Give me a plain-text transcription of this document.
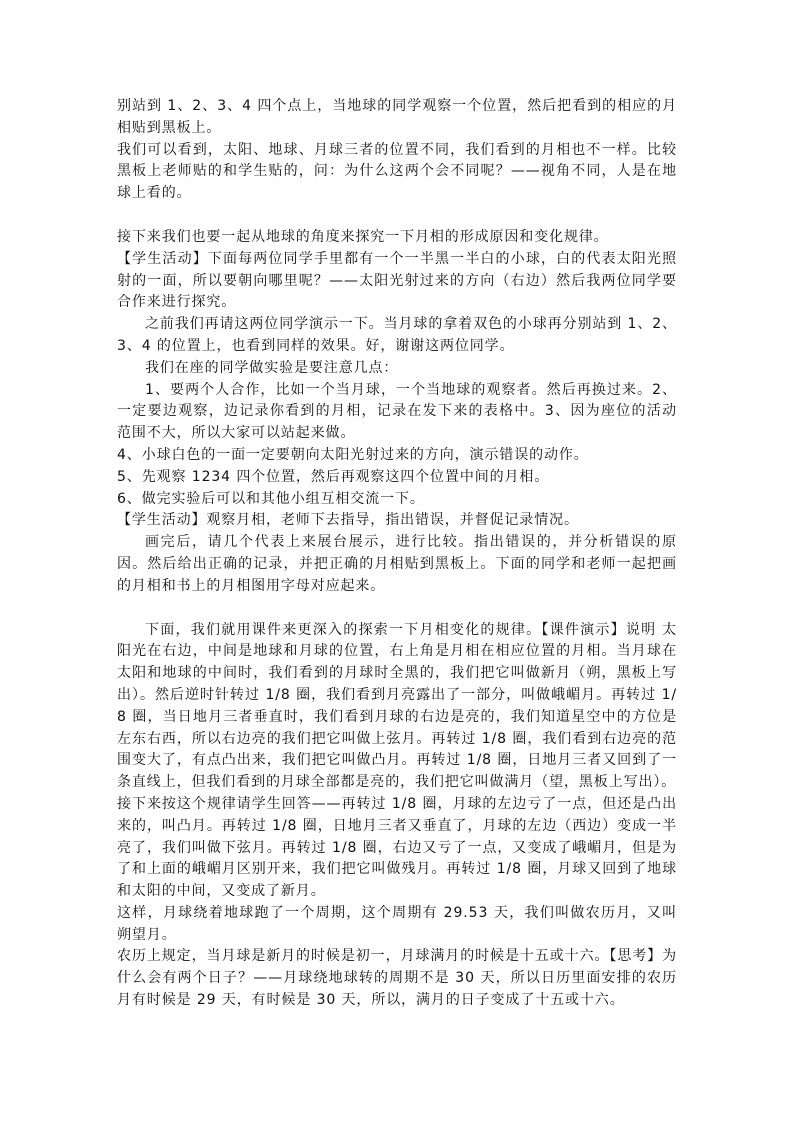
别站到 1、2、3、4 四个点上，当地球的同学观察一个位置，然后把看到的相应的月相贴到黑板上。

我们可以看到，太阳、地球、月球三者的位置不同，我们看到的月相也不一样。比较黑板上老师贴的和学生贴的，问：为什么这两个会不同呢？——视角不同，人是在地球上看的。

接下来我们也要一起从地球的角度来探究一下月相的形成原因和变化规律。

【学生活动】下面每两位同学手里都有一个一半黑一半白的小球，白的代表太阳光照射的一面，所以要朝向哪里呢？——太阳光射过来的方向（右边）然后我两位同学要合作来进行探究。

之前我们再请这两位同学演示一下。当月球的拿着双色的小球再分别站到 1、2、3、4 的位置上，也看到同样的效果。好，谢谢这两位同学。

我们在座的同学做实验是要注意几点：

1、要两个人合作，比如一个当月球，一个当地球的观察者。然后再换过来。2、一定要边观察，边记录你看到的月相，记录在发下来的表格中。3、因为座位的活动范围不大，所以大家可以站起来做。

4、小球白色的一面一定要朝向太阳光射过来的方向，演示错误的动作。

5、先观察 1234 四个位置，然后再观察这四个位置中间的月相。

6、做完实验后可以和其他小组互相交流一下。

【学生活动】观察月相，老师下去指导，指出错误，并督促记录情况。

画完后，请几个代表上来展台展示，进行比较。指出错误的，并分析错误的原因。然后给出正确的记录，并把正确的月相贴到黑板上。下面的同学和老师一起把画的月相和书上的月相图用字母对应起来。

下面，我们就用课件来更深入的探索一下月相变化的规律。【课件演示】说明 太阳光在右边，中间是地球和月球的位置，右上角是月相在相应位置的月相。当月球在太阳和地球的中间时，我们看到的月球时全黑的，我们把它叫做新月（朔，黑板上写出）。然后逆时针转过 1/8 圈，我们看到月亮露出了一部分，叫做峨嵋月。再转过 1/8 圈，当日地月三者垂直时，我们看到月球的右边是亮的，我们知道星空中的方位是左东右西，所以右边亮的我们把它叫做上弦月。再转过 1/8 圈，我们看到右边亮的范围变大了，有点凸出来，我们把它叫做凸月。再转过 1/8 圈，日地月三者又回到了一条直线上，但我们看到的月球全部都是亮的，我们把它叫做满月（望，黑板上写出）。

接下来按这个规律请学生回答——再转过 1/8 圈，月球的左边亏了一点，但还是凸出来的，叫凸月。再转过 1/8 圈，日地月三者又垂直了，月球的左边（西边）变成一半亮了，我们叫做下弦月。再转过 1/8 圈，右边又亏了一点，又变成了峨嵋月，但是为了和上面的峨嵋月区别开来，我们把它叫做残月。再转过 1/8 圈，月球又回到了地球和太阳的中间，又变成了新月。

这样，月球绕着地球跑了一个周期，这个周期有 29.53 天，我们叫做农历月，又叫朔望月。

农历上规定，当月球是新月的时候是初一，月球满月的时候是十五或十六。【思考】为什么会有两个日子？——月球绕地球转的周期不是 30 天，所以日历里面安排的农历月有时候是 29 天，有时候是 30 天，所以，满月的日子变成了十五或十六。
